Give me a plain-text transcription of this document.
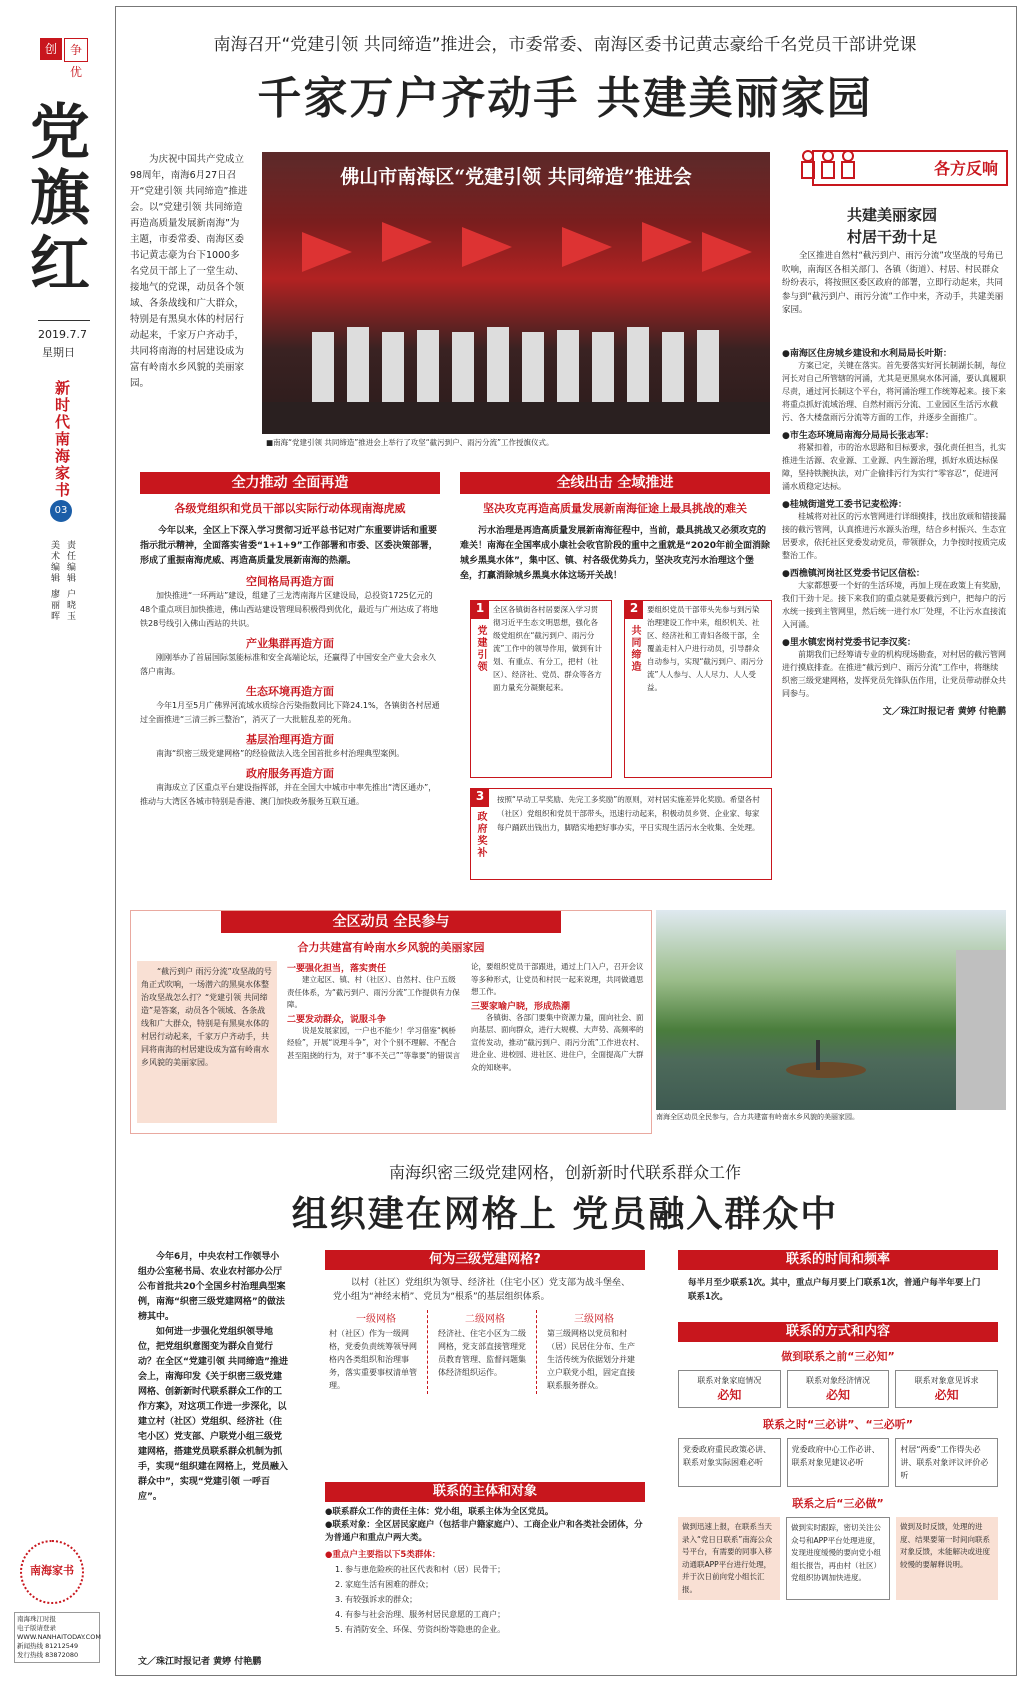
创先
争优
党旗红
2019.7.7
星期日
新时代南海家书
03
责任编辑 户晓玉
美术编辑 廖丽晖
南海家书
南海珠江时报
电子版请登录 WWW.NANHAITODAY.COM
新闻热线 81212549
发行热线 83872080
南海召开“党建引领 共同缔造”推进会，市委常委、南海区委书记黄志豪给千名党员干部讲党课
千家万户齐动手 共建美丽家园

为庆祝中国共产党成立98周年，南海6月27日召开“党建引领 共同缔造”推进会。以“党建引领 共同缔造再造高质量发展新南海”为主题，市委常委、南海区委书记黄志豪为台下1000多名党员干部上了一堂生动、接地气的党课，动员各个领域、各条战线和广大群众，特别是有黑臭水体的村居行动起来，千家万户齐动手，共同将南海的村居建设成为富有岭南水乡风貌的美丽家园。

佛山市南海区“党建引领 共同缔造”推进会
■南海“党建引领 共同缔造”推进会上举行了攻坚“截污到户、雨污分流”工作授旗仪式。
各方反响
共建美丽家园 村居干劲十足

全区推进自然村“截污到户、雨污分流”攻坚战的号角已吹响，南海区各相关部门、各镇（街道）、村居、村民群众纷纷表示，将按照区委区政府的部署，立即行动起来，共同参与到“截污到户、雨污分流”工作中来，齐动手，共建美丽家园。

●南海区住房城乡建设和水利局局长叶斯：

方案已定，关键在落实。首先要落实好河长制湖长制，每位河长对自己所管辖的河涌，尤其是更黑臭水体河涌，要认真履职尽责，通过河长制这个平台，将河涌治理工作统筹起来。接下来将重点抓好流域治理、自然村雨污分流、工业园区生活污水截污、各大楼盘雨污分流等方面的工作，并逐步全面推广。

●市生态环境局南海分局局长张志军：

将紧扣着，市的治水思路和目标要求，强化责任担当，扎实推进生活源、农业源、工业源、内生源治理，抓好水质达标保障，坚持铁腕执法，对广企偷排污行为实行“零容忍”，促进河涌水质稳定达标。

●桂城街道党工委书记麦松涛：

桂城将对社区的污水管网进行详细摸排，找出放顽和错接漏接的截污管网，认真推进污水源头治理，结合乡村振兴、生态宜居要求，依托社区党委发动党员，带领群众，力争按时按质完成整治工作。

●西樵镇河岗社区党委书记区信松：

大家都想要一个好的生活环境，再加上现在政策上有奖励，我们干劲十足。接下来我们的重点就是要截污到户，把每户的污水统一接到主管网里，然后统一进行水厂处理，不让污水直接流入河涌。

●里水镇宏岗村党委书记李汉奖：

前期我们已经筹请专业的机构现场勘查，对村居的截污管网进行摸底排查。在推进“截污到户、雨污分流”工作中，将继续织密三级党建网格，发挥党员先锋队伍作用，让党员带动群众共同参与。

文／珠江时报记者 黄婷 付艳鹏
全力推动 全面再造
各级党组织和党员干部以实际行动体现南海虎威

今年以来，全区上下深入学习贯彻习近平总书记对广东重要讲话和重要指示批示精神，全面落实省委“1+1+9”工作部署和市委、区委决策部署，形成了重振南海虎威、再造高质量发展新南海的热潮。

空间格局再造方面

加快推进“一环两站”建设，组建了三龙湾南海片区建设局，总投资1725亿元的48个重点项目加快推进，佛山西站建设管理局积极得到优化，最近与广州达成了将地铁28号线引入佛山西站的共识。

产业集群再造方面

刚刚举办了首届国际氢能标准和安全高端论坛，还赢得了中国安全产业大会永久落户南海。

生态环境再造方面

今年1月至5月广佛界河流域水质综合污染指数同比下降24.1%，各镇街各村居通过全面推进“三清三拆三整治”，消灭了一大批脏乱差的死角。

基层治理再造方面

南海“织密三级党建网格”的经验做法入选全国首批乡村治理典型案例。

政府服务再造方面

南海成立了区重点平台建设指挥部，并在全国大中城市中率先推出“湾区通办”，推动与大湾区各城市特别是香港、澳门加快政务服务互联互通。

全线出击 全域推进
坚决攻克再造高质量发展新南海征途上最具挑战的难关

污水治理是再造高质量发展新南海征程中，当前，最具挑战又必须攻克的难关！南海在全国率成小康社会收官阶段的重中之重就是“2020年前全面消除城乡黑臭水体”，集中区、镇、村各级优势兵力，坚决攻克污水治理这个堡垒，打赢消除城乡黑臭水体这场开关战！

1
党建引领

全区各镇街各村居要深入学习贯彻习近平生态文明思想，强化各级党组织在“截污到户、雨污分流”工作中的领导作用，做到有计划、有重点、有分工，把村（社区）、经济社、党员、群众等各方面力量充分凝聚起来。

2
共同缔造

要组织党员干部带头先参与到污染治理建设工作中来，组织机关、社区、经济社和工青妇各级干部，全覆盖走村入户进行动员，引导群众自动参与，实现“截污到户、雨污分流”人人参与、人人尽力、人人受益。

3
政府奖补

按照“早动工早奖励、先完工多奖励”的原则，对村居实施差异化奖励。希望各村（社区）党组织和党员干部带头，迅速行动起来，积极动员乡贤、企业家、每家每户踊跃出钱出力，脚踏实地把好事办实，平日实现生活污水全收集、全处理。

全区动员 全民参与
合力共建富有岭南水乡风貌的美丽家园

“截污到户 雨污分流”攻坚战的号角正式吹响，一场潜六的黑臭水体整治攻坚战怎么打？“党建引领 共同缔造”是答案，动员各个领域、各条战线和广大群众，特别是有黑臭水体的村居行动起来，千家万户齐动手，共同将南海的村居建设成为富有岭南水乡风貌的美丽家园。

一要强化担当，落实责任

建立起区、镇、村（社区）、自然村、住户五级责任体系，为“截污到户、雨污分流”工作提供有力保障。

二要发动群众，说服斗争

说是发展家园，一户也不能少！学习借鉴“枫桥经验”，开展“说理斗争”，对个个别不理解、不配合甚至阻挠的行为，对于“事不关己”“等靠要”的错误言论，要组织党员干部跟进，通过上门入户，召开会议等多种形式，让党员和村民一起来说理，共同做通思想工作。

三要家喻户晓，形成热潮

各镇街、各部门要集中资源力量，面向社会、面向基层、面向群众，进行大规模、大声势、高频率的宣传发动，推动“截污到户、雨污分流”工作进农村、进企业、进校园、进社区、进住户，全面提高广大群众的知晓率。

南海全区动员全民参与，合力共建富有岭南水乡风貌的美丽家园。
南海织密三级党建网格，创新新时代联系群众工作
组织建在网格上 党员融入群众中

今年6月，中央农村工作领导小组办公室秘书局、农业农村部办公厅公布首批共20个全国乡村治理典型案例，南海“织密三级党建网格”的做法榜其中。

如何进一步强化党组织领导地位，把党组织意图变为群众自觉行动？在全区“党建引领 共同缔造”推进会上，南海印发《关于织密三级党建网格、创新新时代联系群众工作的工作方案》，对这项工作进一步深化，以建立村（社区）党组织、经济社（住宅小区）党支部、户联党小组三级党建网格，搭建党员联系群众机制为抓手，实现“组织建在网格上，党员融入群众中”，实现“党建引领 一呼百应”。

文／珠江时报记者 黄婷 付艳鹏
何为三级党建网格?

以村（社区）党组织为领导、经济社（住宅小区）党支部为战斗堡垒、党小组为“神经末梢”、党员为“根系”的基层组织体系。

一级网格

村（社区）作为一级网格，党委负责统筹领导网格内各类组织和治理事务，落实重要事权清单管理。

二级网格

经济社、住宅小区为二级网格，党支部直接管理党员教育管理、监督问题集体经济组织运作。

三级网格

第三级网格以党员和村（居）民居住分布、生产生活传统为依据划分并建立户联党小组，固定直接联系服务群众。

联系的主体和对象
●联系群众工作的责任主体：党小组，联系主体为全区党员。
●联系对象：全区居民家庭户（包括非户籍家庭户）、工商企业户和各类社会团体，分为普通户和重点户两大类。
●重点户主要指以下5类群体：
1. 参与患危险疾的社区代表和村（居）民骨干；
2. 家庭生活有困难的群众；
3. 有较强诉求的群众；
4. 有参与社会治理、服务村居民意愿的工商户；
5. 有消防安全、环保、劳资纠纷等隐患的企业。
联系的时间和频率

每半月至少联系1次。其中，重点户每月要上门联系1次，普通户每半年要上门联系1次。

联系的方式和内容
做到联系之前“三必知”
联系对象家庭情况
必知
联系对象经济情况
必知
联系对象意见诉求
必知
联系之时“三必讲”、“三必听”
党委政府重民政策必讲、联系对象实际困难必听
党委政府中心工作必讲、联系对象见建议必听
村居“两委”工作得失必讲、联系对象评议评价必听
联系之后“三必做”
做到迅速上报，在联系当天录入“党日日联系”南海公众号平台，有需要的同事入移动通联APP平台进行处理，并于次日前向党小组长汇报。
做到实时跟踪，密切关注公众号和APP平台处理进度，发现进度缓慢的要向党小组组长报告，再由村（社区）党组织协调加快进度。
做到及时反馈，处理的进度、结果要第一时间向联系对象反馈，未能解决或进度较慢的要解释说明。
